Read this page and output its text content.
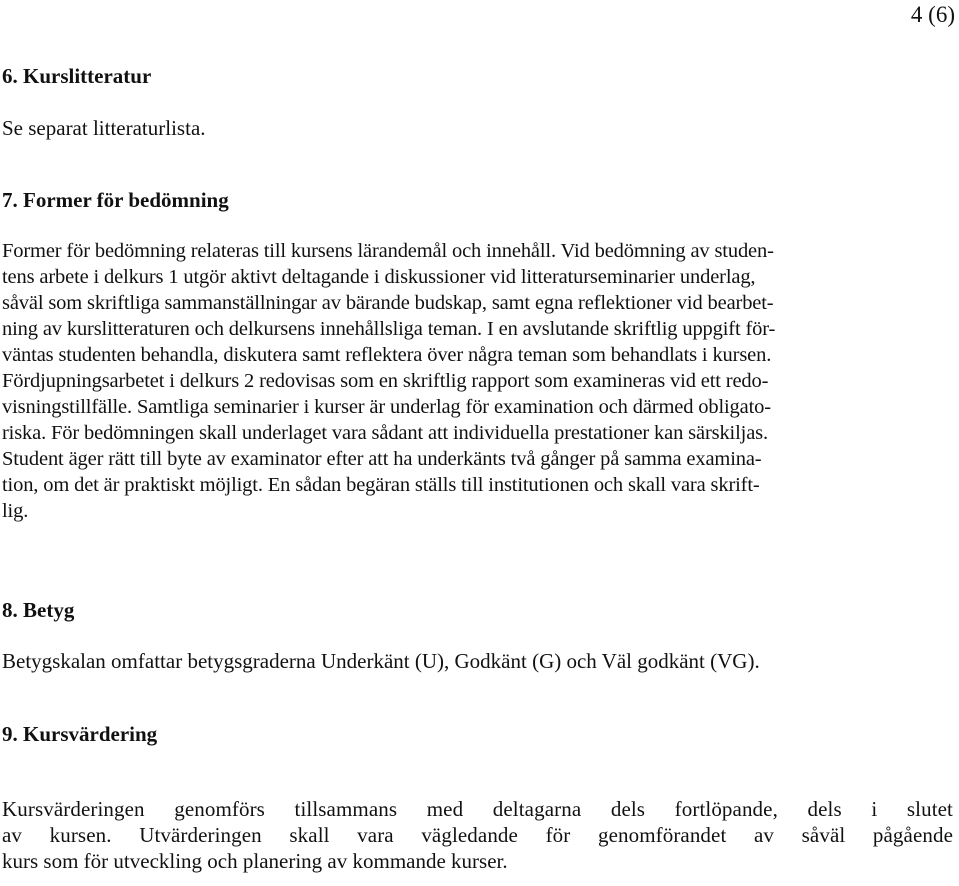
4 (6)
6. Kurslitteratur

Se separat litteraturlista.

7. Former för bedömning
Former för bedömning relateras till kursens lärandemål och innehåll. Vid bedömning av studen-
tens arbete i delkurs 1 utgör aktivt deltagande i diskussioner vid litteraturseminarier underlag,
såväl som skriftliga sammanställningar av bärande budskap, samt egna reflektioner vid bearbet-
ning av kurslitteraturen och delkursens innehållsliga teman. I en avslutande skriftlig uppgift för-
väntas studenten behandla, diskutera samt reflektera över några teman som behandlats i kursen.
Fördjupningsarbetet i delkurs 2 redovisas som en skriftlig rapport som examineras vid ett redo-
visningstillfälle. Samtliga seminarier i kurser är underlag för examination och därmed obligato-
riska. För bedömningen skall underlaget vara sådant att individuella prestationer kan särskiljas.
Student äger rätt till byte av examinator efter att ha underkänts två gånger på samma examina-
tion, om det är praktiskt möjligt. En sådan begäran ställs till institutionen och skall vara skrift-
lig.
8. Betyg

Betygskalan omfattar betygsgraderna Underkänt (U), Godkänt (G) och Väl godkänt (VG).

9. Kursvärdering
Kursvärderingen genomförs tillsammans med deltagarna dels fortlöpande, dels i slutet
av kursen. Utvärderingen skall vara vägledande för genomförandet av såväl pågående
kurs som för utveckling och planering av kommande kurser.
